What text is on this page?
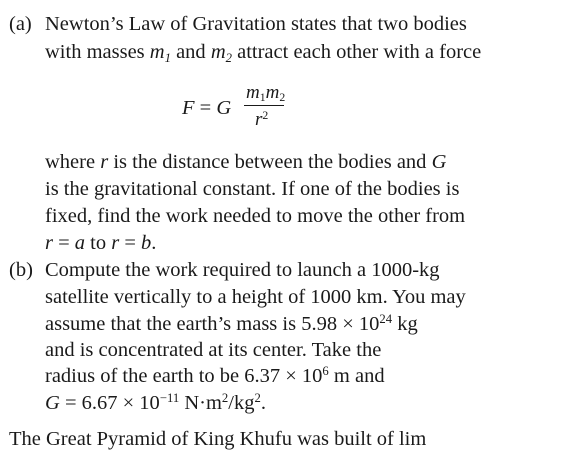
(a) Newton’s Law of Gravitation states that two bodies
with masses $m_1$ and $m_2$ attract each other with a force
F = G
$m_1m_2$
$r^2$
where r is the distance between the bodies and G
is the gravitational constant. If one of the bodies is
fixed, find the work needed to move the other from
r = a to r = b.
(b) Compute the work required to launch a 1000-kg
satellite vertically to a height of 1000 km. You may
assume that the earth’s mass is $5.98 \times 10^{24}$ kg
and is concentrated at its center. Take the
radius of the earth to be $6.37 \times 10^6$ m and
$G = 6.67 \times 10^{-11}$ $N\cdot m^2/kg^2$.
The Great Pyramid of King Khufu was built of lim
